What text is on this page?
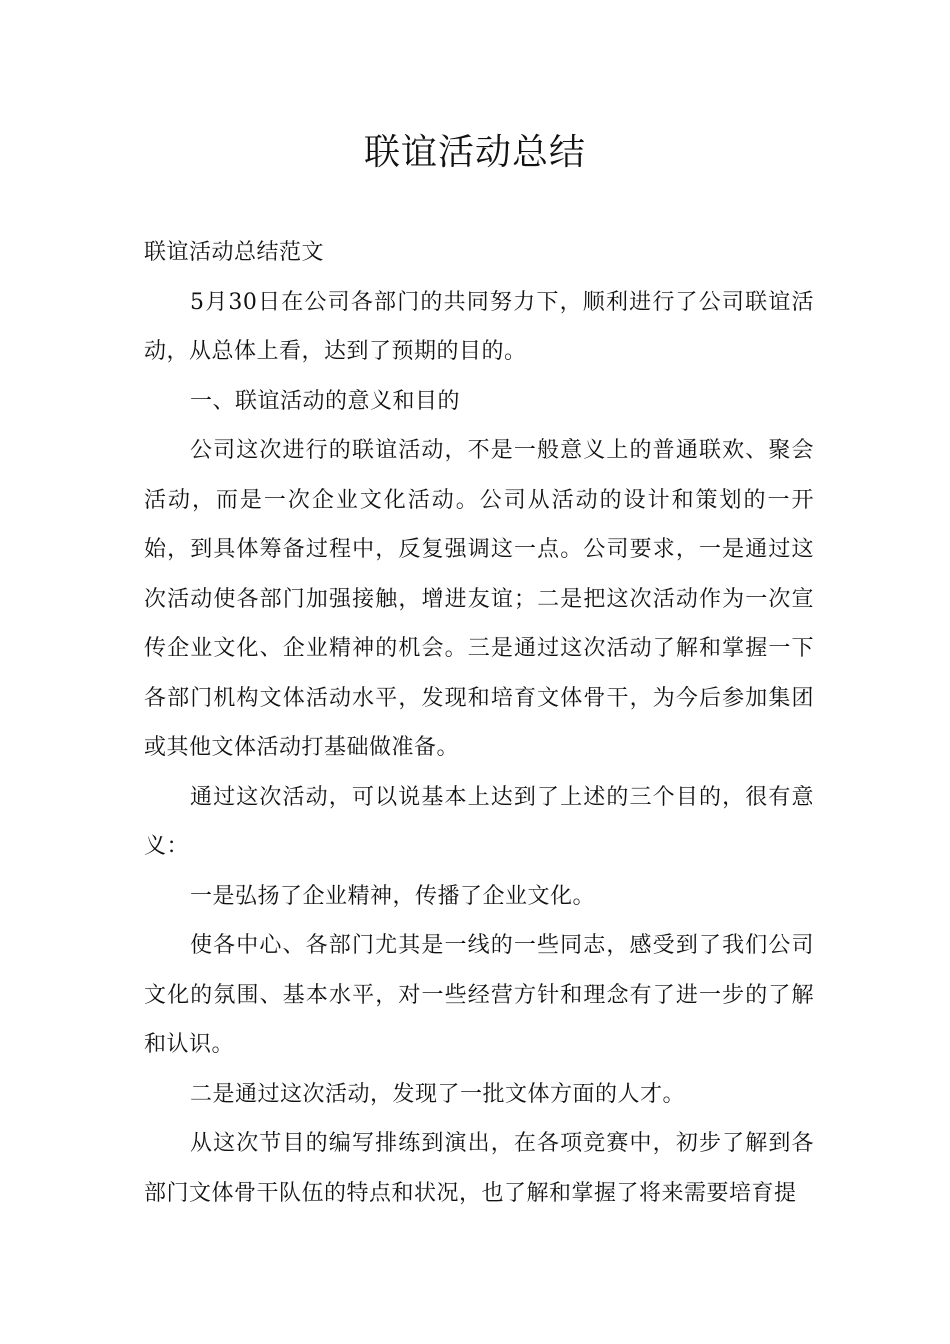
联谊活动总结

联谊活动总结范文

5月30日在公司各部门的共同努力下，顺利进行了公司联谊活动，从总体上看，达到了预期的目的。

一、联谊活动的意义和目的

公司这次进行的联谊活动，不是一般意义上的普通联欢、聚会活动，而是一次企业文化活动。公司从活动的设计和策划的一开始，到具体筹备过程中，反复强调这一点。公司要求，一是通过这次活动使各部门加强接触，增进友谊；二是把这次活动作为一次宣传企业文化、企业精神的机会。三是通过这次活动了解和掌握一下各部门机构文体活动水平，发现和培育文体骨干，为今后参加集团或其他文体活动打基础做准备。

通过这次活动，可以说基本上达到了上述的三个目的，很有意义：

一是弘扬了企业精神，传播了企业文化。

使各中心、各部门尤其是一线的一些同志，感受到了我们公司文化的氛围、基本水平，对一些经营方针和理念有了进一步的了解和认识。

二是通过这次活动，发现了一批文体方面的人才。

从这次节目的编写排练到演出，在各项竞赛中，初步了解到各部门文体骨干队伍的特点和状况，也了解和掌握了将来需要培育提
